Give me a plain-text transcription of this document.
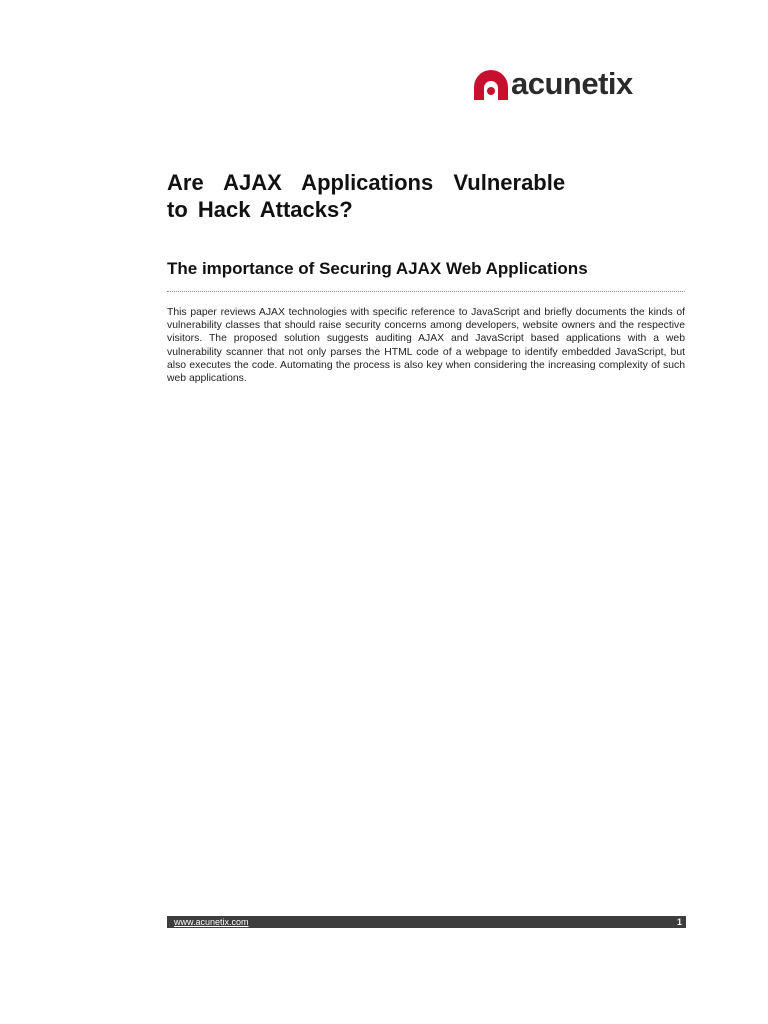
acunetix
Are  AJAX  Applications  Vulnerable
to Hack Attacks?
The importance of Securing AJAX Web Applications

This paper reviews AJAX technologies with specific reference to JavaScript and briefly documents the kinds of vulnerability classes that should raise security concerns among developers, website owners and the respective visitors. The proposed solution suggests auditing AJAX and JavaScript based applications with a web vulnerability scanner that not only parses the HTML code of a webpage to identify embedded JavaScript, but also executes the code. Automating the process is also key when considering the increasing complexity of such web applications.

www.acunetix.com	1
